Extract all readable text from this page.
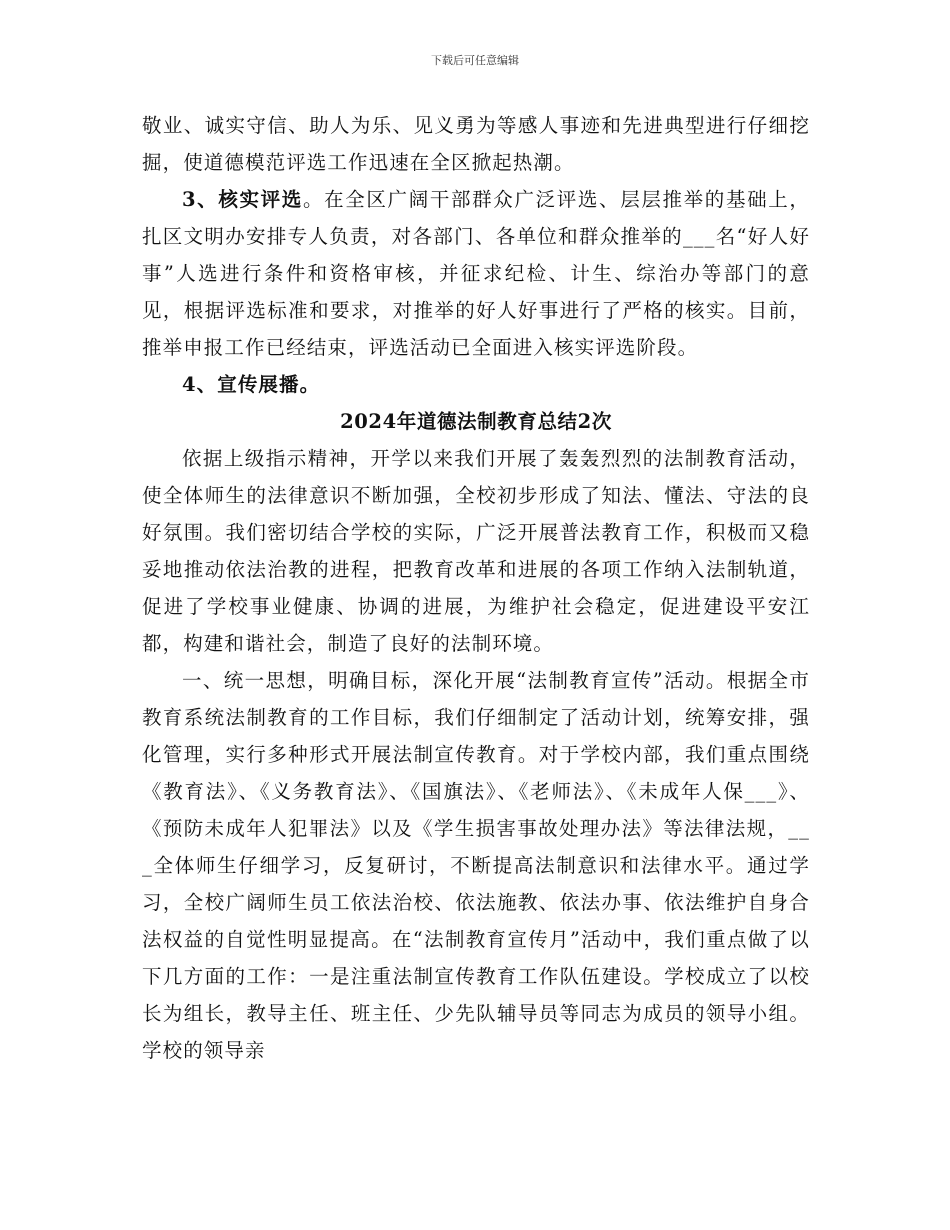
下载后可任意编辑

敬业、诚实守信、助人为乐、见义勇为等感人事迹和先进典型进行仔细挖掘，使道德模范评选工作迅速在全区掀起热潮。

3、核实评选。在全区广阔干部群众广泛评选、层层推举的基础上，扎区文明办安排专人负责，对各部门、各单位和群众推举的___名“好人好事”人选进行条件和资格审核，并征求纪检、计生、综治办等部门的意见，根据评选标准和要求，对推举的好人好事进行了严格的核实。目前，推举申报工作已经结束，评选活动已全面进入核实评选阶段。

4、宣传展播。

2024年道德法制教育总结2次

依据上级指示精神，开学以来我们开展了轰轰烈烈的法制教育活动，使全体师生的法律意识不断加强，全校初步形成了知法、懂法、守法的良好氛围。我们密切结合学校的实际，广泛开展普法教育工作，积极而又稳妥地推动依法治教的进程，把教育改革和进展的各项工作纳入法制轨道，促进了学校事业健康、协调的进展，为维护社会稳定，促进建设平安江都，构建和谐社会，制造了良好的法制环境。

一、统一思想，明确目标，深化开展“法制教育宣传”活动。根据全市教育系统法制教育的工作目标，我们仔细制定了活动计划，统筹安排，强化管理，实行多种形式开展法制宣传教育。对于学校内部，我们重点围绕《教育法》、《义务教育法》、《国旗法》、《老师法》、《未成年人保___》、《预防未成年人犯罪法》以及《学生损害事故处理办法》等法律法规，___全体师生仔细学习，反复研讨，不断提高法制意识和法律水平。通过学习，全校广阔师生员工依法治校、依法施教、依法办事、依法维护自身合法权益的自觉性明显提高。在“法制教育宣传月”活动中，我们重点做了以下几方面的工作：一是注重法制宣传教育工作队伍建设。学校成立了以校长为组长，教导主任、班主任、少先队辅导员等同志为成员的领导小组。学校的领导亲
